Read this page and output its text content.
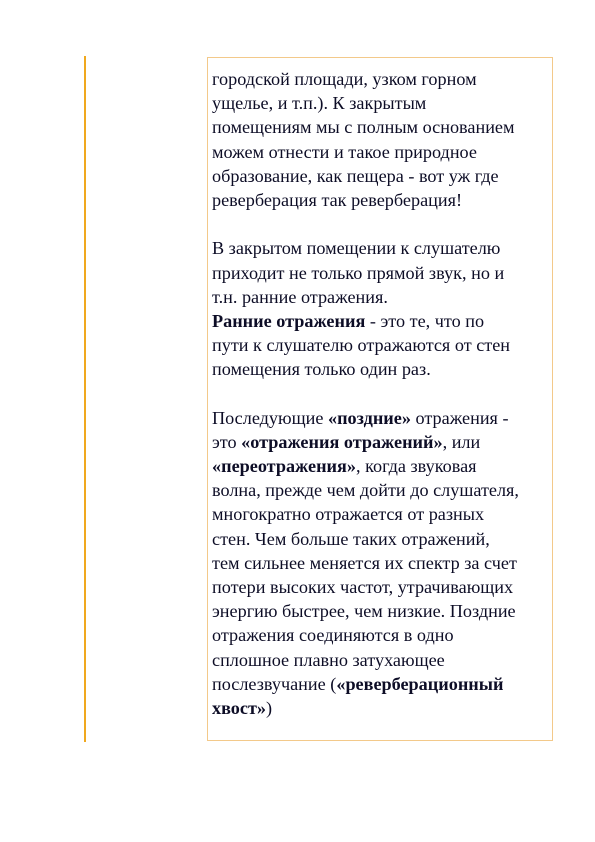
городской площади, узком горном
ущелье, и т.п.). К закрытым
помещениям мы с полным основанием
можем отнести и такое природное
образование, как пещера - вот уж где
реверберация так реверберация!
В закрытом помещении к слушателю
приходит не только прямой звук, но и
т.н. ранние отражения.
Ранние отражения - это те, что по
пути к слушателю отражаются от стен
помещения только один раз.
Последующие «поздние» отражения -
это «отражения отражений», или
«переотражения», когда звуковая
волна, прежде чем дойти до слушателя,
многократно отражается от разных
стен. Чем больше таких отражений,
тем сильнее меняется их спектр за счет
потери высоких частот, утрачивающих
энергию быстрее, чем низкие. Поздние
отражения соединяются в одно
сплошное плавно затухающее
послезвучание («реверберационный
хвост»)
